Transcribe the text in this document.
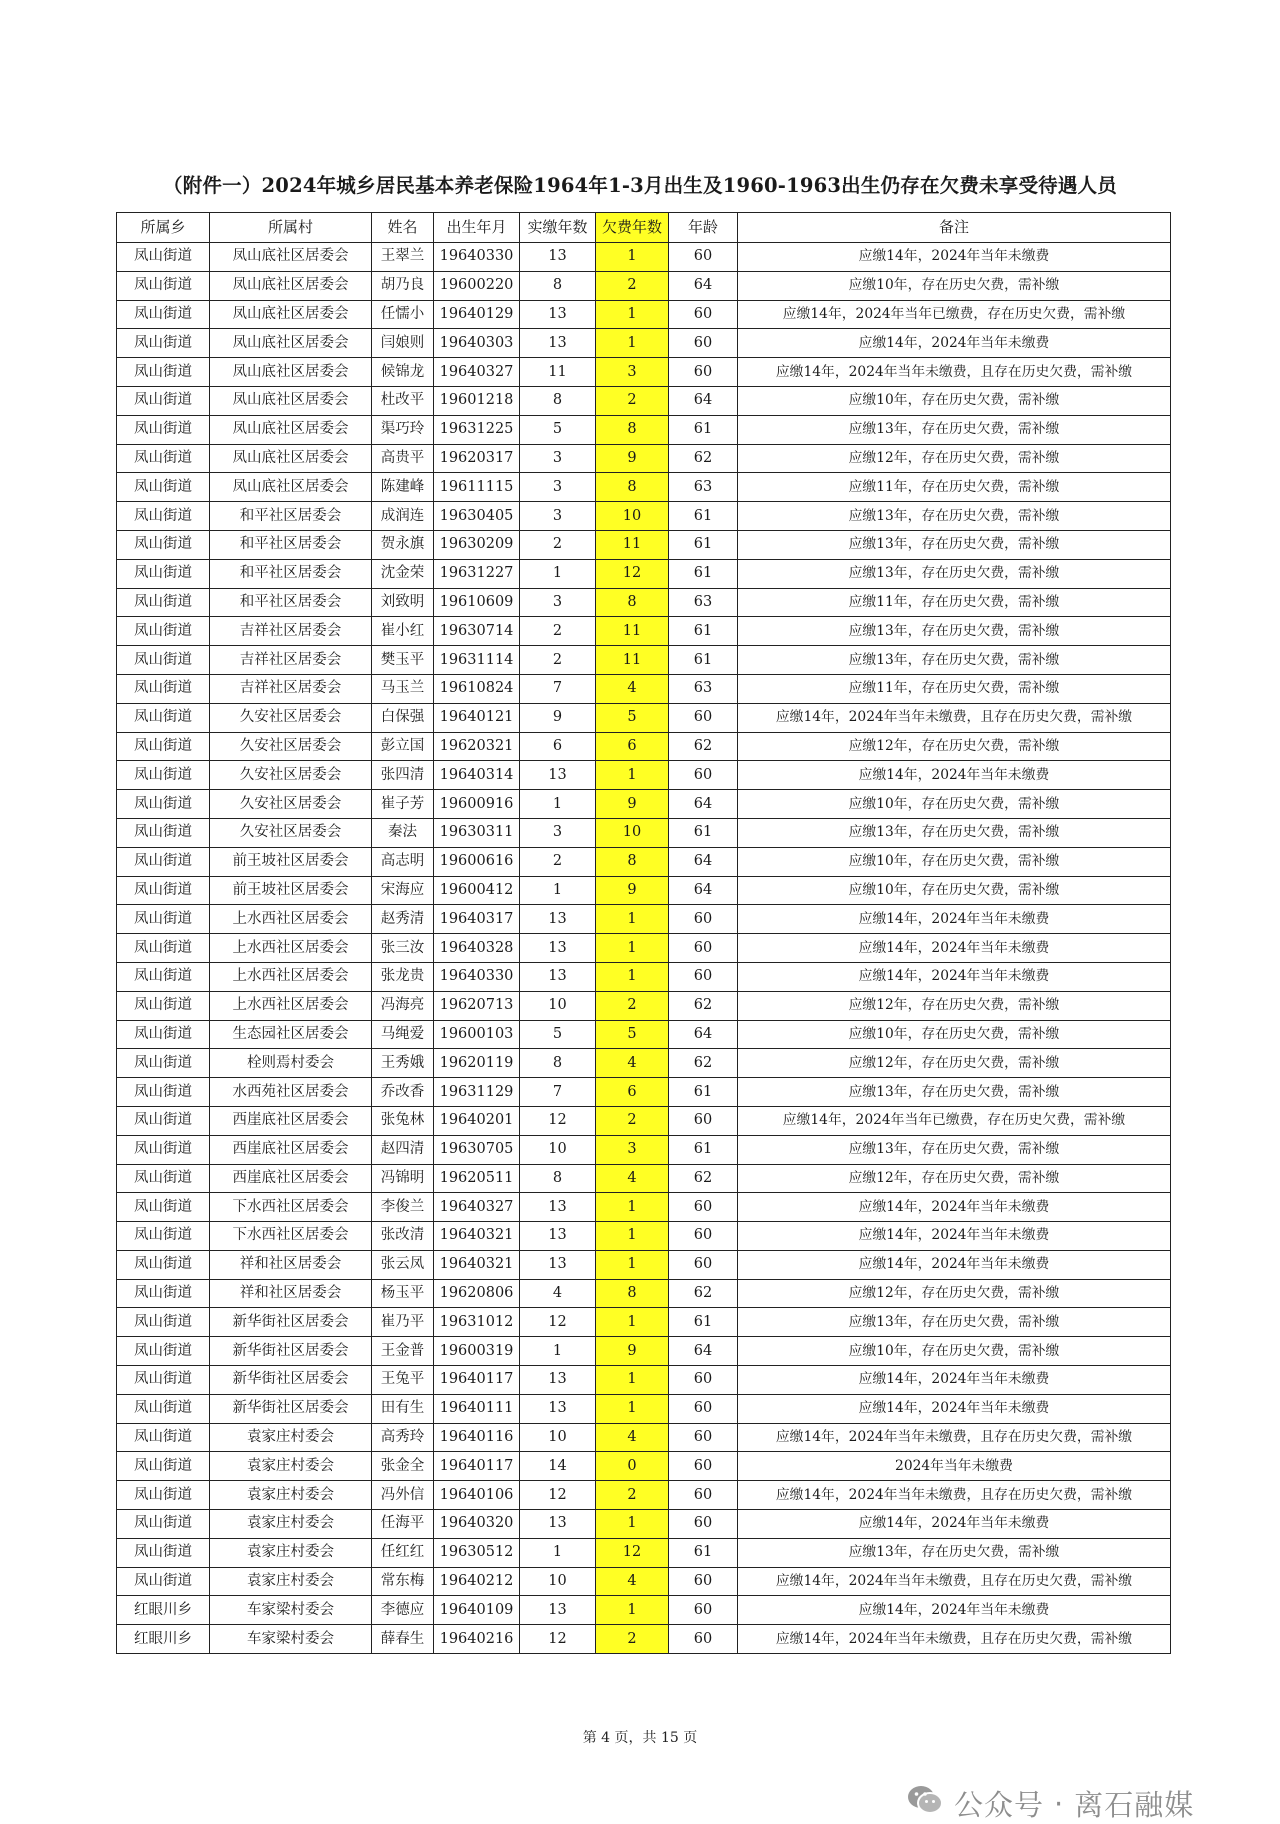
（附件一）2024年城乡居民基本养老保险1964年1-3月出生及1960-1963出生仍存在欠费未享受待遇人员
所属乡	所属村	姓名	出生年月	实缴年数	欠费年数	年龄	备注
凤山街道	凤山底社区居委会	王翠兰	19640330	13	1	60	应缴14年，2024年当年未缴费
凤山街道	凤山底社区居委会	胡乃良	19600220	8	2	64	应缴10年，存在历史欠费，需补缴
凤山街道	凤山底社区居委会	任懦小	19640129	13	1	60	应缴14年，2024年当年已缴费，存在历史欠费，需补缴
凤山街道	凤山底社区居委会	闫娘则	19640303	13	1	60	应缴14年，2024年当年未缴费
凤山街道	凤山底社区居委会	候锦龙	19640327	11	3	60	应缴14年，2024年当年未缴费，且存在历史欠费，需补缴
凤山街道	凤山底社区居委会	杜改平	19601218	8	2	64	应缴10年，存在历史欠费，需补缴
凤山街道	凤山底社区居委会	渠巧玲	19631225	5	8	61	应缴13年，存在历史欠费，需补缴
凤山街道	凤山底社区居委会	高贵平	19620317	3	9	62	应缴12年，存在历史欠费，需补缴
凤山街道	凤山底社区居委会	陈建峰	19611115	3	8	63	应缴11年，存在历史欠费，需补缴
凤山街道	和平社区居委会	成润连	19630405	3	10	61	应缴13年，存在历史欠费，需补缴
凤山街道	和平社区居委会	贺永旗	19630209	2	11	61	应缴13年，存在历史欠费，需补缴
凤山街道	和平社区居委会	沈金荣	19631227	1	12	61	应缴13年，存在历史欠费，需补缴
凤山街道	和平社区居委会	刘致明	19610609	3	8	63	应缴11年，存在历史欠费，需补缴
凤山街道	吉祥社区居委会	崔小红	19630714	2	11	61	应缴13年，存在历史欠费，需补缴
凤山街道	吉祥社区居委会	樊玉平	19631114	2	11	61	应缴13年，存在历史欠费，需补缴
凤山街道	吉祥社区居委会	马玉兰	19610824	7	4	63	应缴11年，存在历史欠费，需补缴
凤山街道	久安社区居委会	白保强	19640121	9	5	60	应缴14年，2024年当年未缴费，且存在历史欠费，需补缴
凤山街道	久安社区居委会	彭立国	19620321	6	6	62	应缴12年，存在历史欠费，需补缴
凤山街道	久安社区居委会	张四清	19640314	13	1	60	应缴14年，2024年当年未缴费
凤山街道	久安社区居委会	崔子芳	19600916	1	9	64	应缴10年，存在历史欠费，需补缴
凤山街道	久安社区居委会	秦法	19630311	3	10	61	应缴13年，存在历史欠费，需补缴
凤山街道	前王坡社区居委会	高志明	19600616	2	8	64	应缴10年，存在历史欠费，需补缴
凤山街道	前王坡社区居委会	宋海应	19600412	1	9	64	应缴10年，存在历史欠费，需补缴
凤山街道	上水西社区居委会	赵秀清	19640317	13	1	60	应缴14年，2024年当年未缴费
凤山街道	上水西社区居委会	张三汝	19640328	13	1	60	应缴14年，2024年当年未缴费
凤山街道	上水西社区居委会	张龙贵	19640330	13	1	60	应缴14年，2024年当年未缴费
凤山街道	上水西社区居委会	冯海亮	19620713	10	2	62	应缴12年，存在历史欠费，需补缴
凤山街道	生态园社区居委会	马绳爱	19600103	5	5	64	应缴10年，存在历史欠费，需补缴
凤山街道	栓则焉村委会	王秀娥	19620119	8	4	62	应缴12年，存在历史欠费，需补缴
凤山街道	水西苑社区居委会	乔改香	19631129	7	6	61	应缴13年，存在历史欠费，需补缴
凤山街道	西崖底社区居委会	张兔林	19640201	12	2	60	应缴14年，2024年当年已缴费，存在历史欠费，需补缴
凤山街道	西崖底社区居委会	赵四清	19630705	10	3	61	应缴13年，存在历史欠费，需补缴
凤山街道	西崖底社区居委会	冯锦明	19620511	8	4	62	应缴12年，存在历史欠费，需补缴
凤山街道	下水西社区居委会	李俊兰	19640327	13	1	60	应缴14年，2024年当年未缴费
凤山街道	下水西社区居委会	张改清	19640321	13	1	60	应缴14年，2024年当年未缴费
凤山街道	祥和社区居委会	张云凤	19640321	13	1	60	应缴14年，2024年当年未缴费
凤山街道	祥和社区居委会	杨玉平	19620806	4	8	62	应缴12年，存在历史欠费，需补缴
凤山街道	新华街社区居委会	崔乃平	19631012	12	1	61	应缴13年，存在历史欠费，需补缴
凤山街道	新华街社区居委会	王金普	19600319	1	9	64	应缴10年，存在历史欠费，需补缴
凤山街道	新华街社区居委会	王兔平	19640117	13	1	60	应缴14年，2024年当年未缴费
凤山街道	新华街社区居委会	田有生	19640111	13	1	60	应缴14年，2024年当年未缴费
凤山街道	袁家庄村委会	高秀玲	19640116	10	4	60	应缴14年，2024年当年未缴费，且存在历史欠费，需补缴
凤山街道	袁家庄村委会	张金全	19640117	14	0	60	2024年当年未缴费
凤山街道	袁家庄村委会	冯外信	19640106	12	2	60	应缴14年，2024年当年未缴费，且存在历史欠费，需补缴
凤山街道	袁家庄村委会	任海平	19640320	13	1	60	应缴14年，2024年当年未缴费
凤山街道	袁家庄村委会	任红红	19630512	1	12	61	应缴13年，存在历史欠费，需补缴
凤山街道	袁家庄村委会	常东梅	19640212	10	4	60	应缴14年，2024年当年未缴费，且存在历史欠费，需补缴
红眼川乡	车家梁村委会	李德应	19640109	13	1	60	应缴14年，2024年当年未缴费
红眼川乡	车家梁村委会	薛春生	19640216	12	2	60	应缴14年，2024年当年未缴费，且存在历史欠费，需补缴
第 4 页，共 15 页
公众号 · 离石融媒
